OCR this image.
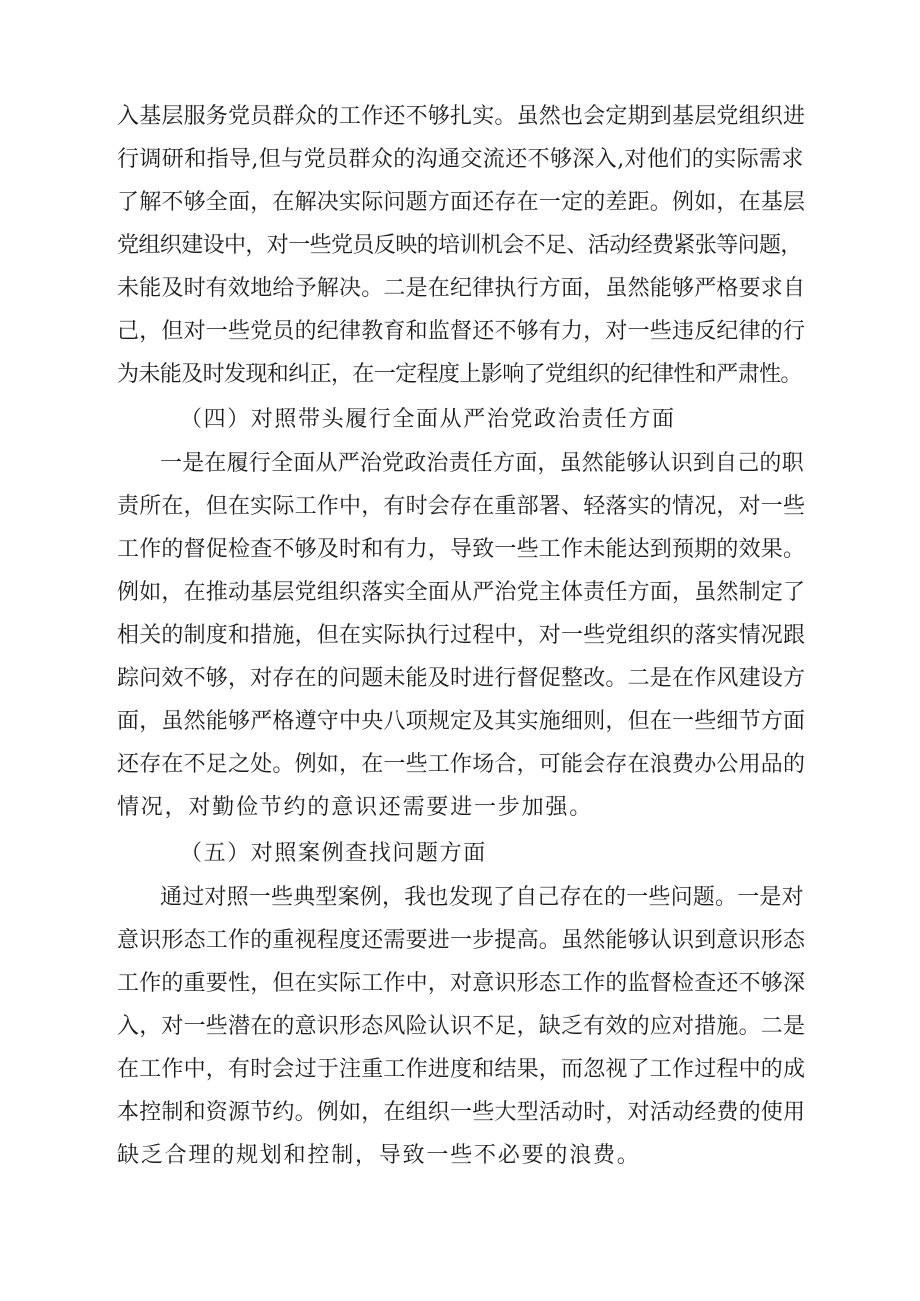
入基层服务党员群众的工作还不够扎实。虽然也会定期到基层党组织进
行调研和指导,但与党员群众的沟通交流还不够深入,对他们的实际需求
了解不够全面，在解决实际问题方面还存在一定的差距。例如，在基层
党组织建设中，对一些党员反映的培训机会不足、活动经费紧张等问题，
未能及时有效地给予解决。二是在纪律执行方面，虽然能够严格要求自
己，但对一些党员的纪律教育和监督还不够有力，对一些违反纪律的行
为未能及时发现和纠正，在一定程度上影响了党组织的纪律性和严肃性。
（四）对照带头履行全面从严治党政治责任方面
一是在履行全面从严治党政治责任方面，虽然能够认识到自己的职
责所在，但在实际工作中，有时会存在重部署、轻落实的情况，对一些
工作的督促检查不够及时和有力，导致一些工作未能达到预期的效果。
例如，在推动基层党组织落实全面从严治党主体责任方面，虽然制定了
相关的制度和措施，但在实际执行过程中，对一些党组织的落实情况跟
踪问效不够，对存在的问题未能及时进行督促整改。二是在作风建设方
面，虽然能够严格遵守中央八项规定及其实施细则，但在一些细节方面
还存在不足之处。例如，在一些工作场合，可能会存在浪费办公用品的
情况，对勤俭节约的意识还需要进一步加强。
（五）对照案例查找问题方面
通过对照一些典型案例，我也发现了自己存在的一些问题。一是对
意识形态工作的重视程度还需要进一步提高。虽然能够认识到意识形态
工作的重要性，但在实际工作中，对意识形态工作的监督检查还不够深
入，对一些潜在的意识形态风险认识不足，缺乏有效的应对措施。二是
在工作中，有时会过于注重工作进度和结果，而忽视了工作过程中的成
本控制和资源节约。例如，在组织一些大型活动时，对活动经费的使用
缺乏合理的规划和控制，导致一些不必要的浪费。
